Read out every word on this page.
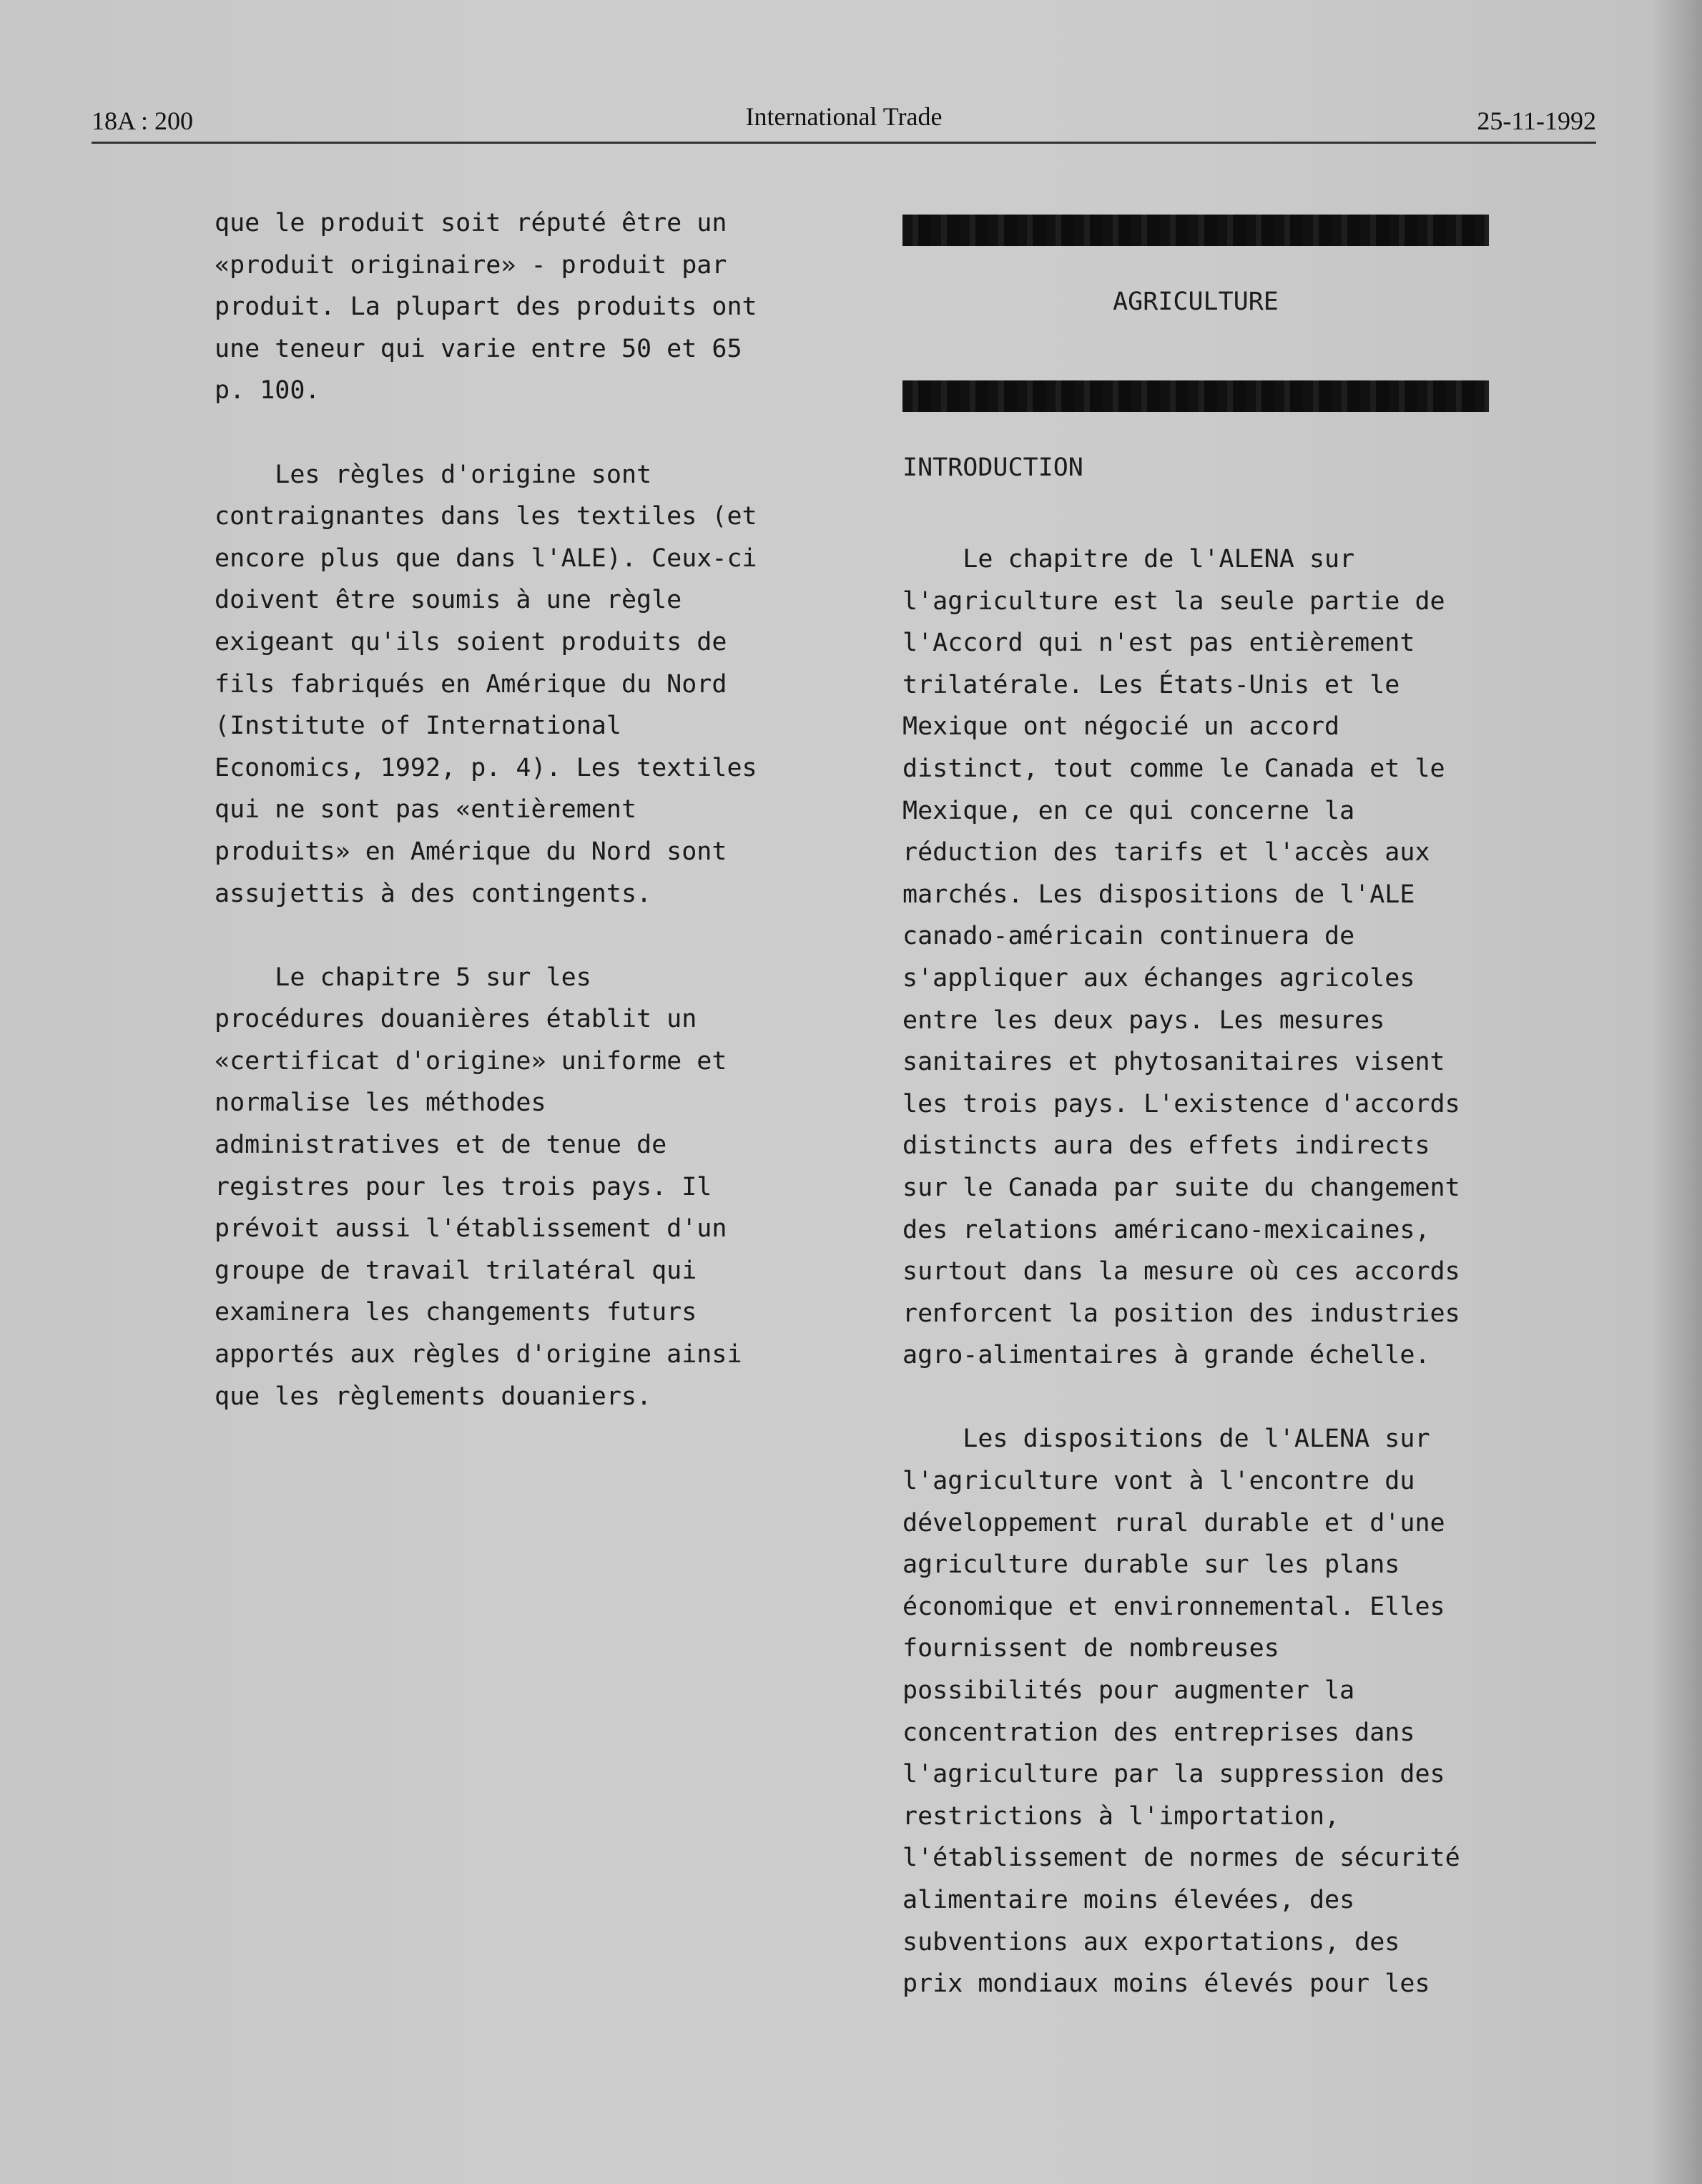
18A : 200	International Trade	25-11-1992

que le produit soit réputé être un

«produit originaire» - produit par

produit. La plupart des produits ont

une teneur qui varie entre 50 et 65

p. 100.

Les règles d'origine sont

contraignantes dans les textiles (et

encore plus que dans l'ALE). Ceux-ci

doivent être soumis à une règle

exigeant qu'ils soient produits de

fils fabriqués en Amérique du Nord

(Institute of International

Economics, 1992, p. 4). Les textiles

qui ne sont pas «entièrement

produits» en Amérique du Nord sont

assujettis à des contingents.

Le chapitre 5 sur les

procédures douanières établit un

«certificat d'origine» uniforme et

normalise les méthodes

administratives et de tenue de

registres pour les trois pays. Il

prévoit aussi l'établissement d'un

groupe de travail trilatéral qui

examinera les changements futurs

apportés aux règles d'origine ainsi

que les règlements douaniers.

AGRICULTURE
INTRODUCTION

Le chapitre de l'ALENA sur

l'agriculture est la seule partie de

l'Accord qui n'est pas entièrement

trilatérale. Les États-Unis et le

Mexique ont négocié un accord

distinct, tout comme le Canada et le

Mexique, en ce qui concerne la

réduction des tarifs et l'accès aux

marchés. Les dispositions de l'ALE

canado-américain continuera de

s'appliquer aux échanges agricoles

entre les deux pays. Les mesures

sanitaires et phytosanitaires visent

les trois pays. L'existence d'accords

distincts aura des effets indirects

sur le Canada par suite du changement

des relations américano-mexicaines,

surtout dans la mesure où ces accords

renforcent la position des industries

agro-alimentaires à grande échelle.

Les dispositions de l'ALENA sur

l'agriculture vont à l'encontre du

développement rural durable et d'une

agriculture durable sur les plans

économique et environnemental. Elles

fournissent de nombreuses

possibilités pour augmenter la

concentration des entreprises dans

l'agriculture par la suppression des

restrictions à l'importation,

l'établissement de normes de sécurité

alimentaire moins élevées, des

subventions aux exportations, des

prix mondiaux moins élevés pour les
